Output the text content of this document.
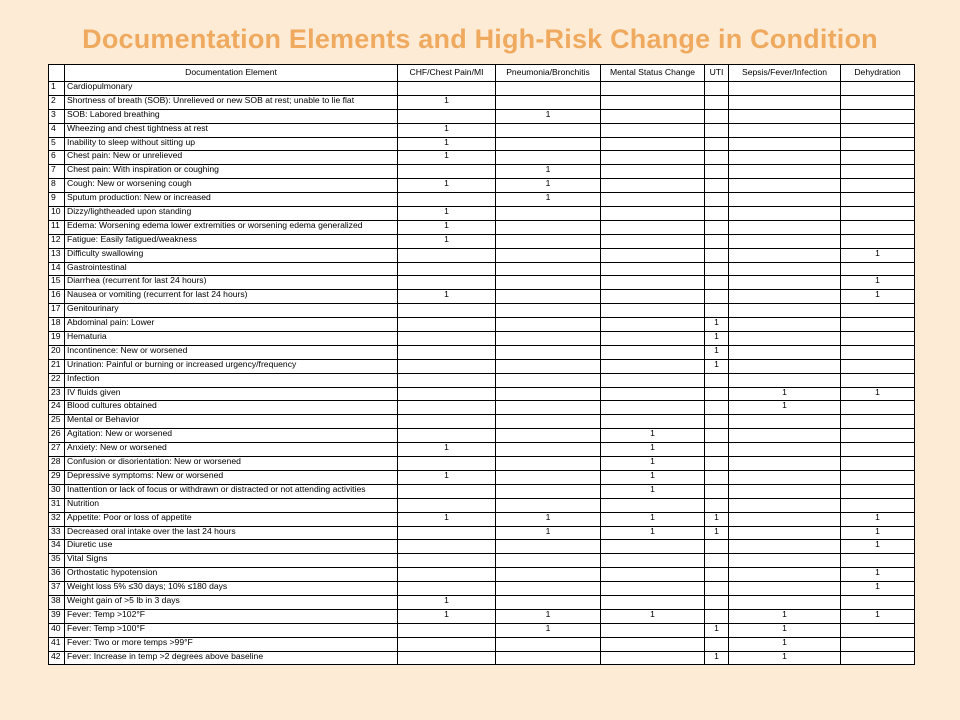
Documentation Elements and High-Risk Change in Condition
	Documentation Element	CHF/Chest Pain/MI	Pneumonia/Bronchitis	Mental Status Change	UTI	Sepsis/Fever/Infection	Dehydration
1	Cardiopulmonary						
2	Shortness of breath (SOB): Unrelieved or new SOB at rest; unable to lie flat	1					
3	SOB: Labored breathing		1				
4	Wheezing and chest tightness at rest	1					
5	Inability to sleep without sitting up	1					
6	Chest pain: New or unrelieved	1					
7	Chest pain: With inspiration or coughing		1				
8	Cough: New or worsening cough	1	1				
9	Sputum production: New or increased		1				
10	Dizzy/lightheaded upon standing	1					
11	Edema: Worsening edema lower extremities or worsening edema generalized	1					
12	Fatigue: Easily fatigued/weakness	1					
13	Difficulty swallowing						1
14	Gastrointestinal						
15	Diarrhea (recurrent for last 24 hours)						1
16	Nausea or vomiting (recurrent for last 24 hours)	1					1
17	Genitourinary						
18	Abdominal pain: Lower				1		
19	Hematuria				1		
20	Incontinence: New or worsened				1		
21	Urination: Painful or burning or increased urgency/frequency				1		
22	Infection						
23	IV fluids given					1	1
24	Blood cultures obtained					1	
25	Mental or Behavior						
26	Agitation: New or worsened			1			
27	Anxiety: New or worsened	1		1			
28	Confusion or disorientation: New or worsened			1			
29	Depressive symptoms: New or worsened	1		1			
30	Inattention or lack of focus or withdrawn or distracted or not attending activities			1			
31	Nutrition						
32	Appetite: Poor or loss of appetite	1	1	1	1		1
33	Decreased oral intake over the last 24 hours		1	1	1		1
34	Diuretic use						1
35	Vital Signs						
36	Orthostatic hypotension						1
37	Weight loss 5% ≤30 days; 10% ≤180 days						1
38	Weight gain of >5 lb in 3 days	1					
39	Fever: Temp >102°F	1	1	1		1	1
40	Fever: Temp >100°F		1		1	1	
41	Fever: Two or more temps >99°F					1	
42	Fever: Increase in temp >2 degrees above baseline				1	1	
